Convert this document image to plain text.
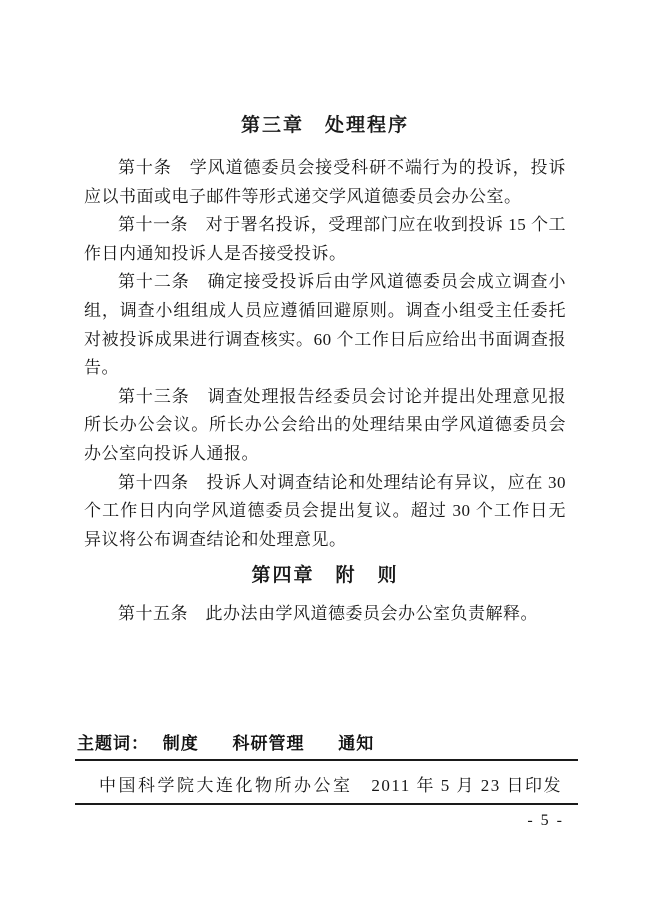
第三章　处理程序

第十条　学风道德委员会接受科研不端行为的投诉，投诉应以书面或电子邮件等形式递交学风道德委员会办公室。

第十一条　对于署名投诉，受理部门应在收到投诉 15 个工作日内通知投诉人是否接受投诉。

第十二条　确定接受投诉后由学风道德委员会成立调查小组，调查小组组成人员应遵循回避原则。调查小组受主任委托对被投诉成果进行调查核实。60 个工作日后应给出书面调查报告。

第十三条　调查处理报告经委员会讨论并提出处理意见报所长办公会议。所长办公会给出的处理结果由学风道德委员会办公室向投诉人通报。

第十四条　投诉人对调查结论和处理结论有异议，应在 30 个工作日内向学风道德委员会提出复议。超过 30 个工作日无异议将公布调查结论和处理意见。

第四章　附　则

第十五条　此办法由学风道德委员会办公室负责解释。

主题词： 制度 科研管理 通知
中国科学院大连化物所办公室 2011 年 5 月 23 日印发
- 5 -
